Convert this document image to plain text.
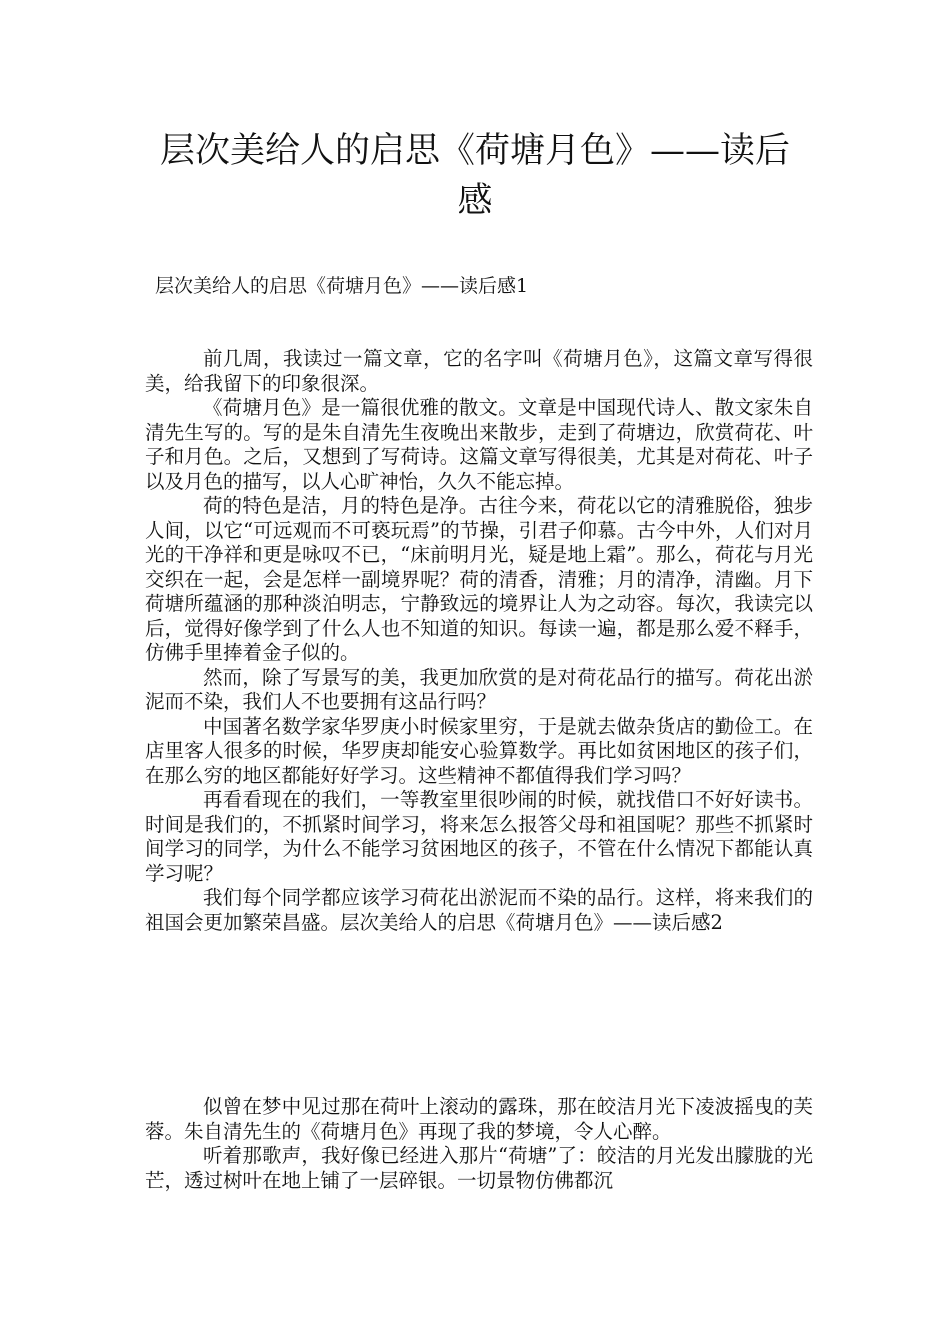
层次美给人的启思《荷塘月色》——读后感
层次美给人的启思《荷塘月色》——读后感1

前几周，我读过一篇文章，它的名字叫《荷塘月色》，这篇文章写得很美，给我留下的印象很深。

《荷塘月色》是一篇很优雅的散文。文章是中国现代诗人、散文家朱自清先生写的。写的是朱自清先生夜晚出来散步，走到了荷塘边，欣赏荷花、叶子和月色。之后，又想到了写荷诗。这篇文章写得很美，尤其是对荷花、叶子以及月色的描写，以人心旷神怡，久久不能忘掉。

荷的特色是洁，月的特色是净。古往今来，荷花以它的清雅脱俗，独步人间，以它“可远观而不可亵玩焉”的节操，引君子仰慕。古今中外，人们对月光的干净祥和更是咏叹不已，“床前明月光，疑是地上霜”。那么，荷花与月光交织在一起，会是怎样一副境界呢？荷的清香，清雅；月的清净，清幽。月下荷塘所蕴涵的那种淡泊明志，宁静致远的境界让人为之动容。每次，我读完以后，觉得好像学到了什么人也不知道的知识。每读一遍，都是那么爱不释手，仿佛手里捧着金子似的。

然而，除了写景写的美，我更加欣赏的是对荷花品行的描写。荷花出淤泥而不染，我们人不也要拥有这品行吗？

中国著名数学家华罗庚小时候家里穷，于是就去做杂货店的勤俭工。在店里客人很多的时候，华罗庚却能安心验算数学。再比如贫困地区的孩子们，在那么穷的地区都能好好学习。这些精神不都值得我们学习吗？

再看看现在的我们，一等教室里很吵闹的时候，就找借口不好好读书。时间是我们的，不抓紧时间学习，将来怎么报答父母和祖国呢？那些不抓紧时间学习的同学，为什么不能学习贫困地区的孩子，不管在什么情况下都能认真学习呢？

我们每个同学都应该学习荷花出淤泥而不染的品行。这样，将来我们的祖国会更加繁荣昌盛。层次美给人的启思《荷塘月色》——读后感2

似曾在梦中见过那在荷叶上滚动的露珠，那在皎洁月光下凌波摇曳的芙蓉。朱自清先生的《荷塘月色》再现了我的梦境，令人心醉。

听着那歌声，我好像已经进入那片“荷塘”了：皎洁的月光发出朦胧的光芒，透过树叶在地上铺了一层碎银。一切景物仿佛都沉
